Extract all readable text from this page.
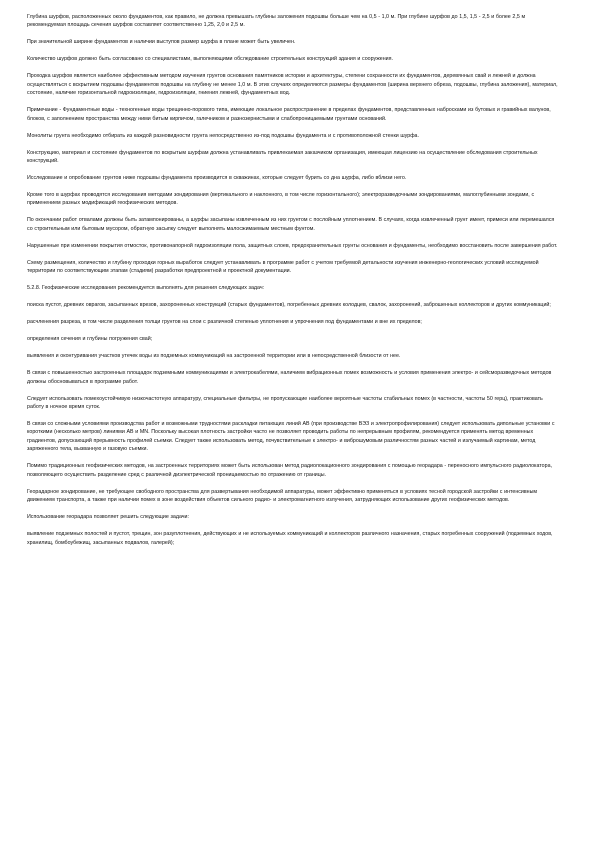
Глубина шурфов, расположенных около фундаментов, как правило, не должна превышать глубины заложения подошвы больше чем на 0,5 - 1,0 м. При глубине шурфов до 1,5, 1,5 - 2,5 и более 2,5 м рекомендуемая площадь сечения шурфов составляет соответственно 1,25, 2,0 и 2,5 м.

При значительной ширине фундаментов и наличии выступов размер шурфа в плане может быть увеличен.

Количество шурфов должно быть согласовано со специалистами, выполняющими обследование строительных конструкций здания и сооружения.

Проходка шурфов является наиболее эффективным методом изучения грунтов основания памятников истории и архитектуры, степени сохранности их фундаментов, деревянных свай и лежней и должна осуществляться с вскрытием подошвы фундаментов подошвы на глубину не менее 1,0 м. В этих случаях определяются размеры фундаментов (ширина верхнего обреза, подошвы, глубина заложения), материал, состояние, наличие горизонтальной гидроизоляции, гидроизоляции, гниения лежней, фундаментных вод.

Примечание - Фундаментные воды - техногенные воды трещинно-порового типа, имеющие локальное распространение в пределах фундаментов, представленных набросками из бутовых и гравийных валунов, блоков, с заполнением пространства между ними битым кирпичом, галечником и разнозернистыми и слабопроницаемыми грунтами оснований.

Монолиты грунта необходимо отбирать из каждой разновидности грунта непосредственно из-под подошвы фундамента и с противоположной стенки шурфа.

Конструкцию, материал и состояние фундаментов по вскрытым шурфам должна устанавливать привлекаемая заказчиком организация, имеющая лицензию на осуществление обследования строительных конструкций.

Исследование и опробование грунтов ниже подошвы фундамента производится в скважинах, которые следует бурить со дна шурфа, либо вблизи него.

Кроме того в шурфах проводятся исследования методами зондирования (вертикального и наклонного, в том числе горизонтального); электроразведочными зондированиями, малоглубинными зондами, с применением разных модификаций геофизических методов.

По окончании работ отвалами должны быть затампонированы, а шурфы засыпаны извлеченным из них грунтом с послойным уплотнением. В случаях, когда извлеченный грунт имеет, примеси или перемешался со строительным или бытовым мусором, обратную засыпку следует выполнять малосжимаемым местным фунтом.

Нарушенные при изменении покрытия отмосток, противонапорной гидроизоляции пола, защитных слоев, предохранительных грунты основания и фундаменты, необходимо восстановить после завершения работ.

Схему размещения, количество и глубину проходки горных выработок следует устанавливать в программе работ с учетом требуемой детальности изучения инженерно-геологических условий исследуемой территории по соответствующим этапам (стадиям) разработки предпроектной и проектной документации.

5.2.8. Геофизические исследования рекомендуется выполнять для решения следующих задач:

поиска пустот, древних оврагов, засыпанных врезов, захороненных конструкций (старых фундаментов), погребенных древних колодцев, свалок, захоронений, заброшенных коллекторов и других коммуникаций;

расчленения разреза, в том числе разделения толщи грунтов на слои с различной степенью уплотнения и упрочнения под фундаментами и вне их пределов;

определения сечения и глубины погружения свай;

выявления и оконтуривания участков утечек воды из подземных коммуникаций на застроенной территории или в непосредственной близости от нее.

В связи с повышенностью застроенных площадок подземными коммуникациями и электрокабелями, наличием вибрационных помех возможность и условия применения электро- и сейсморазведочных методов должны обосновываться в программе работ.

Следует использовать помехоустойчивую низкочастотную аппаратуру, специальные фильтры, не пропускающие наиболее вероятные частоты стабильных помех (в частности, частоты 50 герц), практиковать работу в ночное время суток.

В связи со сложными условиями производства работ и возможными трудностями раскладки питающих линий АВ (при производстве ВЭЗ и электропрофилирования) следует использовать дипольные установки с короткими (несколько метров) линиями АВ и MN. Поскольку высокая плотность застройки часто не позволяет проводить работы по непрерывным профилям, рекомендуется применять метод временных градиентов, допускающий прерывность профилей съемки. Следует также использовать метод, почувствительные к электро- и виброшумовым различностям разных частей и излучаемый картинам, метод заряженного тела, вызванную и газовую съемки.

Помимо традиционных геофизических методов, на застроенных территориях может быть использован метод радиолокационного зондирования с помощью георадара - переносного импульсного радиолокатора, позволяющего осуществить разделение сред с различной диэлектрической проницаемостью по отражению от границы.

Георадарное зондирование, не требующее свободного пространства для развертывания необходимой аппаратуры, может эффективно применяться в условиях тесной городской застройки с интенсивным движением транспорта, а также при наличии помех в зоне воздействия объектов сильного радио- и электромагнитного излучения, затрудняющих использование других геофизических методов.

Использование георадара позволяет решить следующие задачи:

выявление подземных полостей и пустот, трещин, зон разуплотнения, действующих и не используемых коммуникаций и коллекторов различного назначения, старых погребенных сооружений (подземных ходов, хранилищ, бомбоубежищ, засыпанных подвалов, галерей);
